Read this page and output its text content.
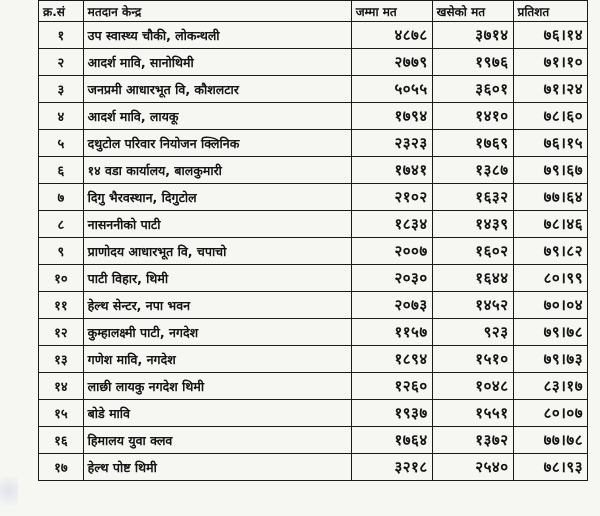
क्र.सं	मतदान केन्द्र	जम्मा मत	खसेको मत	प्रतिशत
१	उप स्वास्थ्य चौकी, लोकन्थली	४८७८	३७१४	७६।१४
२	आदर्श मावि, सानोथिमी	२७७९	१९७६	७१।१०
३	जनप्रमी आधारभूत वि, कौशलटार	५०५५	३६०१	७१।२४
४	आदर्श मावि, लायकू	१७९४	१४१०	७८।६०
५	दथुटोल परिवार नियोजन क्लिनिक	२३२३	१७६९	७६।१५
६	१४ वडा कार्यालय, बालकुमारी	१७४१	१३८७	७९।६७
७	दिगु भैरवस्थान, दिगुटोल	२१०२	१६३२	७७।६४
८	नासननीको पाटी	१८३४	१४३९	७८।४६
९	प्राणोदय आधारभूत वि, चपाचो	२००७	१६०२	७९।८२
१०	पाटी विहार, थिमी	२०३०	१६४४	८०।९९
११	हेल्थ सेन्टर, नपा भवन	२०७३	१४५२	७०।०४
१२	कुम्हालक्ष्मी पाटी, नगदेश	११५७	९२३	७९।७८
१३	गणेश मावि, नगदेश	१८९४	१५१०	७९।७३
१४	लाछी लायकु नगदेश थिमी	१२६०	१०४८	८३।१७
१५	बोडे मावि	१९३७	१५५१	८०।०७
१६	हिमालय युवा क्लव	१७६४	१३७२	७७।७८
१७	हेल्थ पोष्ट थिमी	३२१८	२५४०	७८।९३
